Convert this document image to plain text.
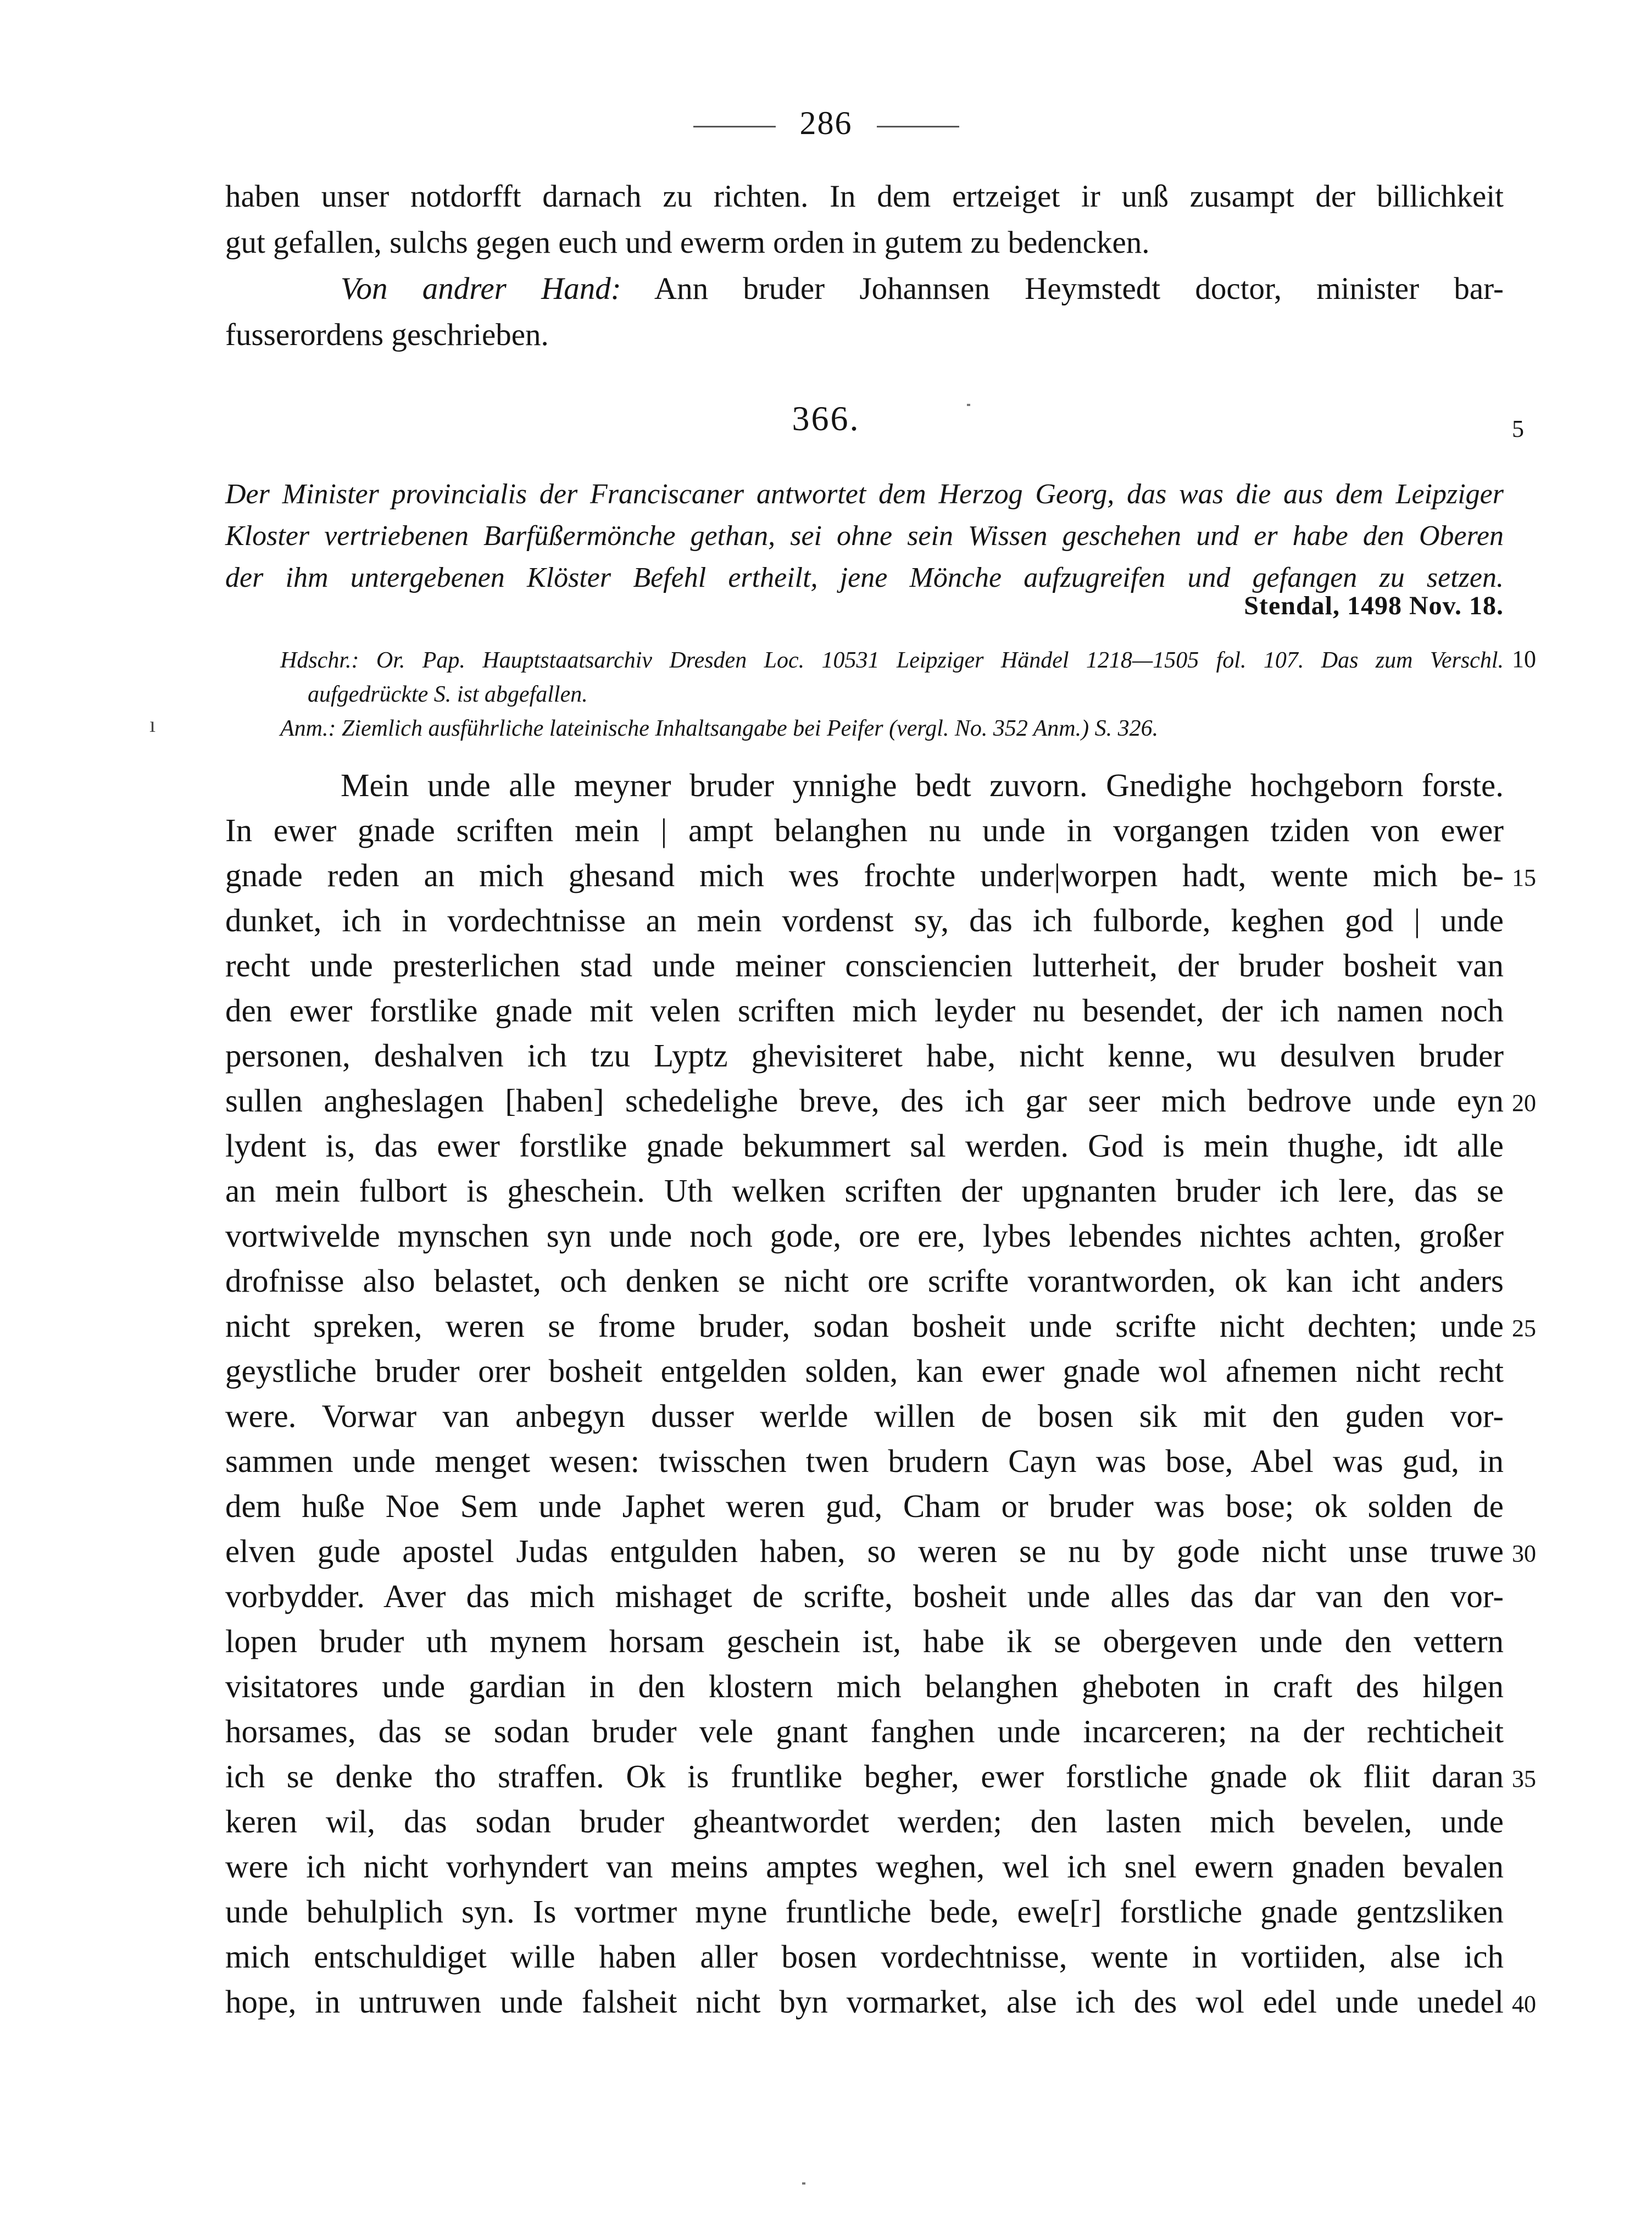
286
haben unser notdorfft darnach zu richten. In dem ertzeiget ir unß zusampt der billichkeit
gut gefallen, sulchs gegen euch und ewerm orden in gutem zu bedencken.
Von andrer Hand: Ann bruder Johannsen Heymstedt doctor, minister bar-
fusserordens geschrieben.
366.	5
Der Minister provincialis der Franciscaner antwortet dem Herzog Georg, das was die aus dem Leipziger
Kloster vertriebenen Barfüßermönche gethan, sei ohne sein Wissen geschehen und er habe den Oberen
der ihm untergebenen Klöster Befehl ertheilt, jene Mönche aufzugreifen und gefangen zu setzen.
Stendal, 1498 Nov. 18.
Hdschr.: Or. Pap. Hauptstaatsarchiv Dresden Loc. 10531 Leipziger Händel 1218—1505 fol. 107. Das zum Verschl.
aufgedrückte S. ist abgefallen.
Anm.: Ziemlich ausführliche lateinische Inhaltsangabe bei Peifer (vergl. No. 352 Anm.) S. 326.
10
ı
Mein unde alle meyner bruder ynnighe bedt zuvorn. Gnedighe hochgeborn forste.
In ewer gnade scriften mein | ampt belanghen nu unde in vorgangen tziden von ewer
gnade reden an mich ghesand mich wes frochte under|worpen hadt, wente mich be-
dunket, ich in vordechtnisse an mein vordenst sy, das ich fulborde, keghen god | unde
recht unde presterlichen stad unde meiner consciencien lutterheit, der bruder bosheit van
den ewer forstlike gnade mit velen scriften mich leyder nu besendet, der ich namen noch
personen, deshalven ich tzu Lyptz ghevisiteret habe, nicht kenne, wu desulven bruder
sullen angheslagen [haben] schedelighe breve, des ich gar seer mich bedrove unde eyn
lydent is, das ewer forstlike gnade bekummert sal werden. God is mein thughe, idt alle
an mein fulbort is gheschein. Uth welken scriften der upgnanten bruder ich lere, das se
vortwivelde mynschen syn unde noch gode, ore ere, lybes lebendes nichtes achten, großer
drofnisse also belastet, och denken se nicht ore scrifte vorantworden, ok kan icht anders
nicht spreken, weren se frome bruder, sodan bosheit unde scrifte nicht dechten; unde
geystliche bruder orer bosheit entgelden solden, kan ewer gnade wol afnemen nicht recht
were. Vorwar van anbegyn dusser werlde willen de bosen sik mit den guden vor-
sammen unde menget wesen: twisschen twen brudern Cayn was bose, Abel was gud, in
dem huße Noe Sem unde Japhet weren gud, Cham or bruder was bose; ok solden de
elven gude apostel Judas entgulden haben, so weren se nu by gode nicht unse truwe
vorbydder. Aver das mich mishaget de scrifte, bosheit unde alles das dar van den vor-
lopen bruder uth mynem horsam geschein ist, habe ik se obergeven unde den vettern
visitatores unde gardian in den klostern mich belanghen gheboten in craft des hilgen
horsames, das se sodan bruder vele gnant fanghen unde incarceren; na der rechticheit
ich se denke tho straffen. Ok is fruntlike begher, ewer forstliche gnade ok fliit daran
keren wil, das sodan bruder gheantwordet werden; den lasten mich bevelen, unde
were ich nicht vorhyndert van meins amptes weghen, wel ich snel ewern gnaden bevalen
unde behulplich syn. Is vortmer myne fruntliche bede, ewe[r] forstliche gnade gentzsliken
mich entschuldiget wille haben aller bosen vordechtnisse, wente in vortiiden, alse ich
hope, in untruwen unde falsheit nicht byn vormarket, alse ich des wol edel unde unedel
15
20
25
30
35
40
